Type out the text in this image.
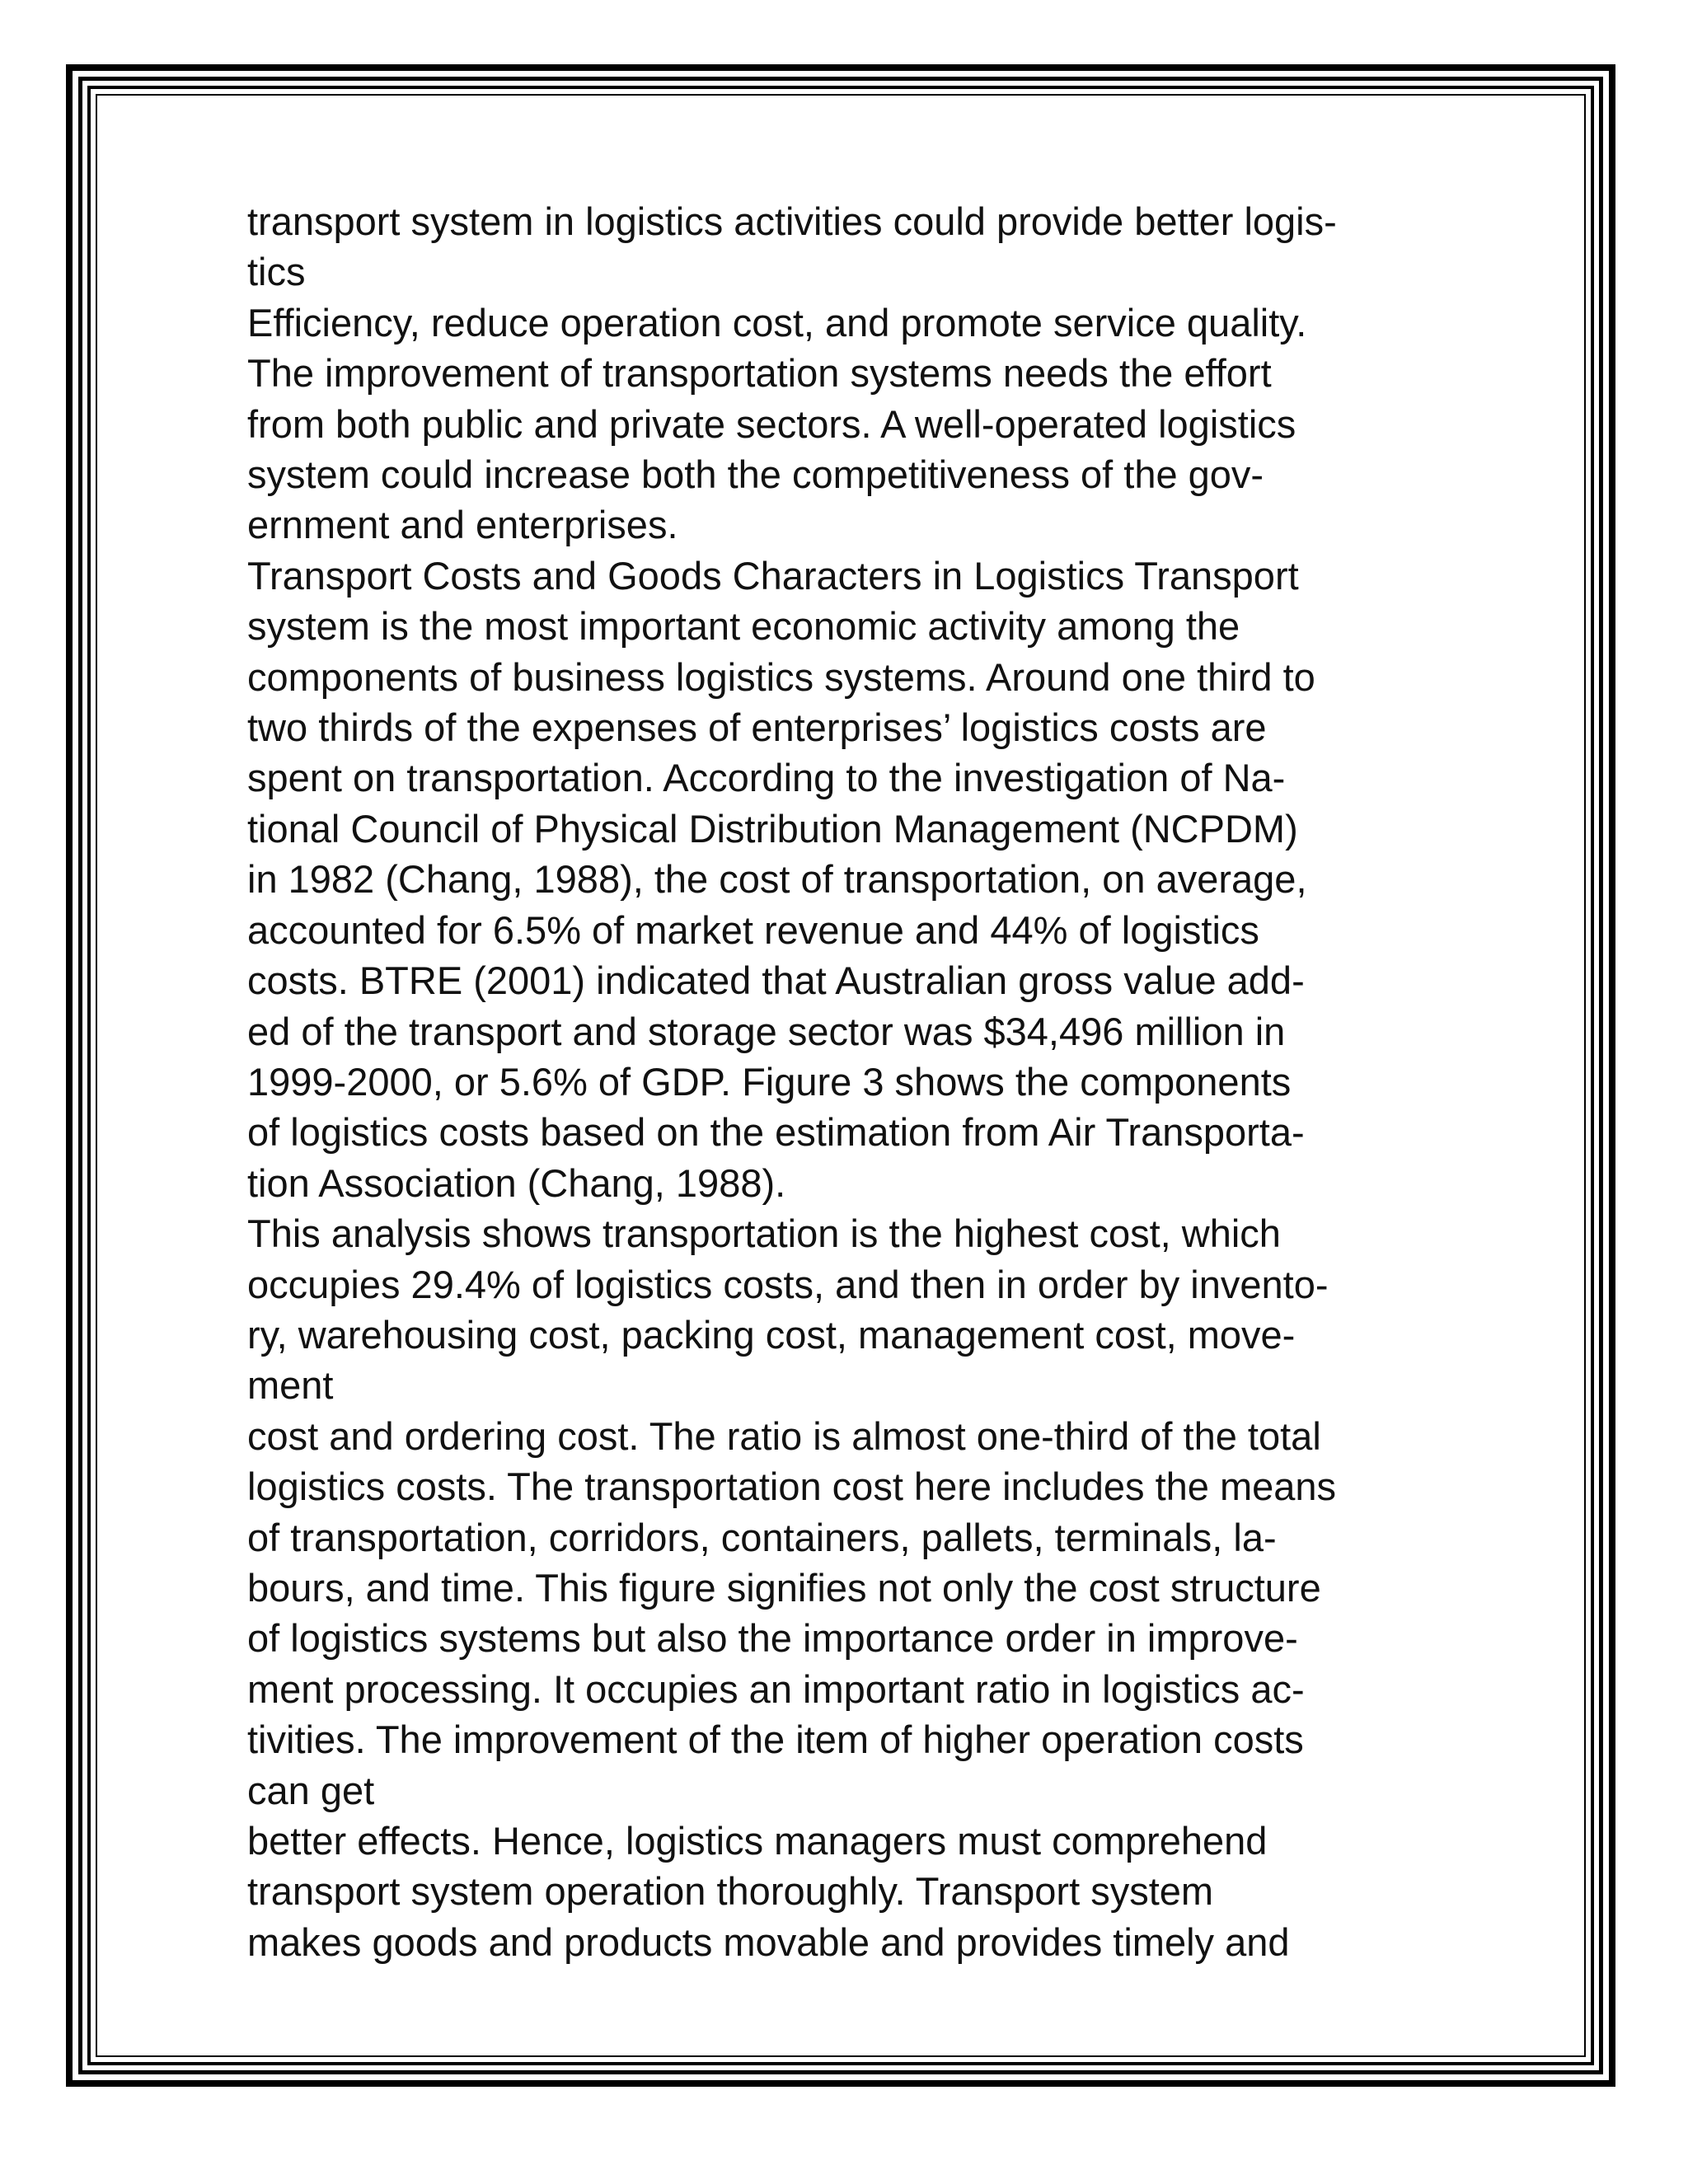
transport system in logistics activities could provide better logis-
tics
Efficiency, reduce operation cost, and promote service quality.
The improvement of transportation systems needs the effort
from both public and private sectors. A well-operated logistics
system could increase both the competitiveness of the gov-
ernment and enterprises.
Transport Costs and Goods Characters in Logistics Transport
system is the most important economic activity among the
components of business logistics systems. Around one third to
two thirds of the expenses of enterprises’ logistics costs are
spent on transportation. According to the investigation of Na-
tional Council of Physical Distribution Management (NCPDM)
in 1982 (Chang, 1988), the cost of transportation, on average,
accounted for 6.5% of market revenue and 44% of logistics
costs. BTRE (2001) indicated that Australian gross value add-
ed of the transport and storage sector was $34,496 million in
1999-2000, or 5.6% of GDP. Figure 3 shows the components
of logistics costs based on the estimation from Air Transporta-
tion Association (Chang, 1988).
This analysis shows transportation is the highest cost, which
occupies 29.4% of logistics costs, and then in order by invento-
ry, warehousing cost, packing cost, management cost, move-
ment
cost and ordering cost. The ratio is almost one-third of the total
logistics costs. The transportation cost here includes the means
of transportation, corridors, containers, pallets, terminals, la-
bours, and time. This figure signifies not only the cost structure
of logistics systems but also the importance order in improve-
ment processing. It occupies an important ratio in logistics ac-
tivities. The improvement of the item of higher operation costs
can get
better effects. Hence, logistics managers must comprehend
transport system operation thoroughly. Transport system
makes goods and products movable and provides timely and
